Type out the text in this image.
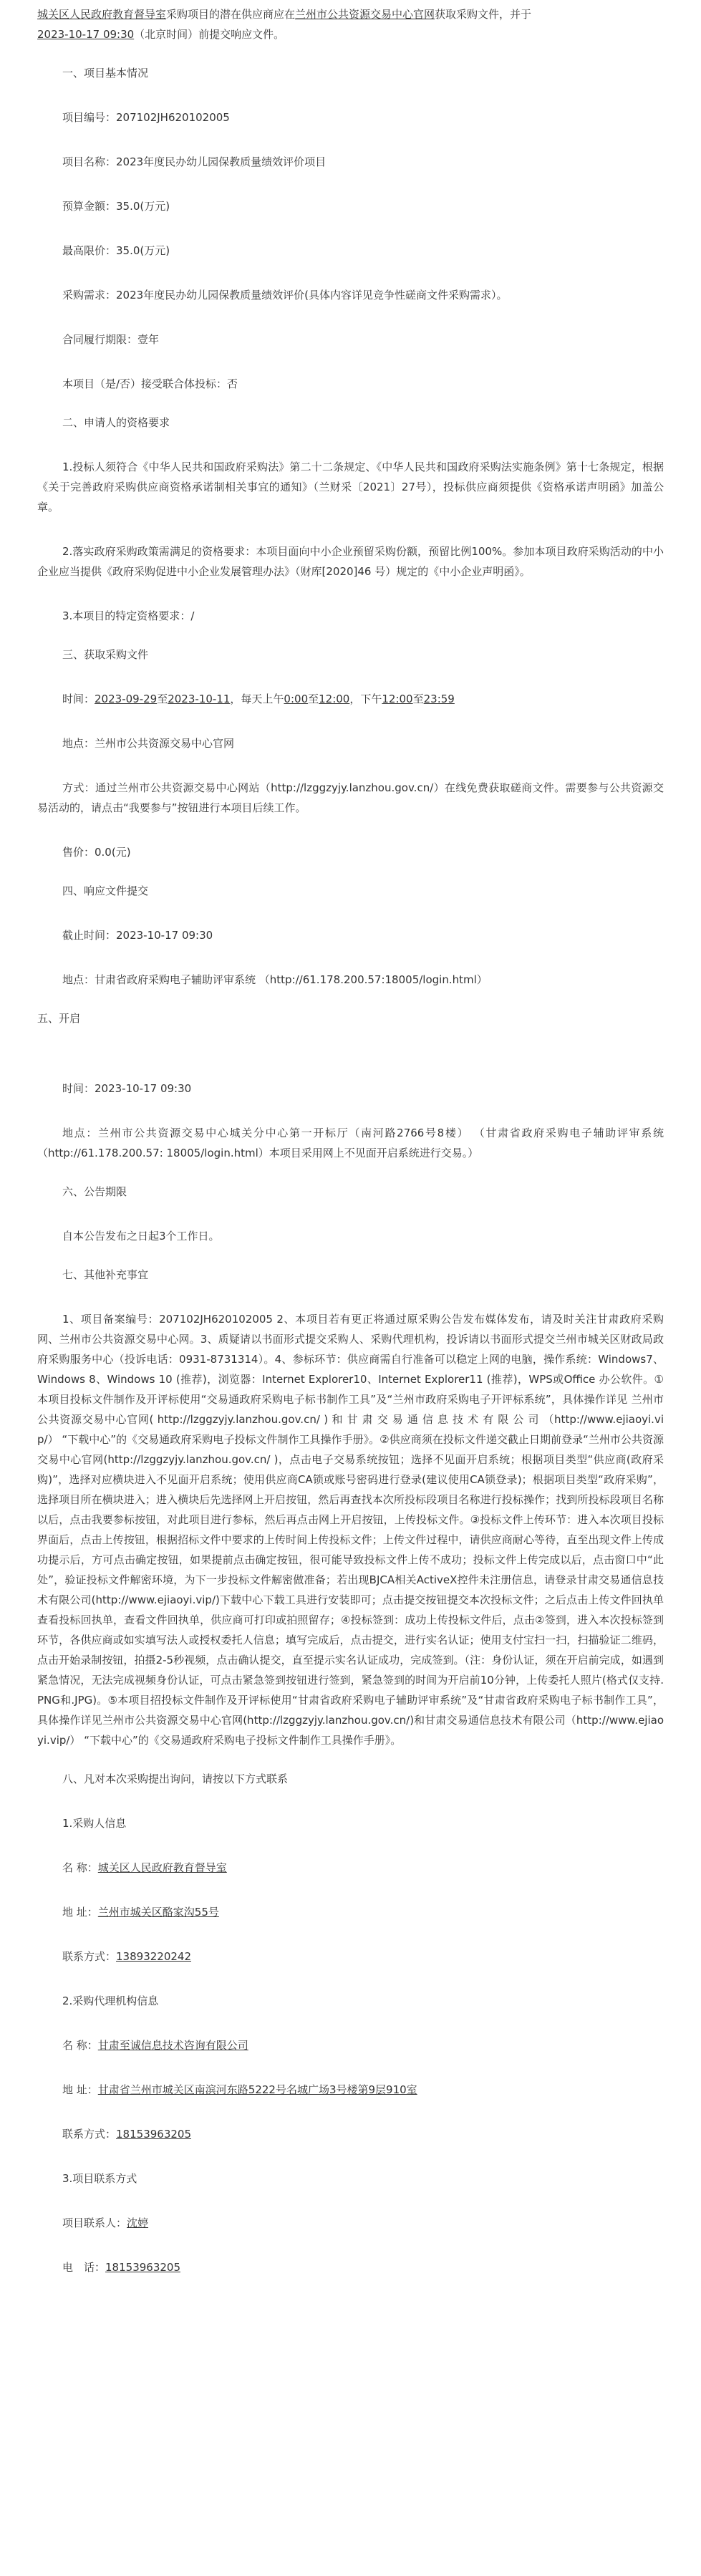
城关区人民政府教育督导室采购项目的潜在供应商应在兰州市公共资源交易中心官网获取采购文件，并于
2023-10-17 09:30（北京时间）前提交响应文件。

一、项目基本情况

项目编号：207102JH620102005

项目名称：2023年度民办幼儿园保教质量绩效评价项目

预算金额：35.0(万元)

最高限价：35.0(万元)

采购需求：2023年度民办幼儿园保教质量绩效评价(具体内容详见竞争性磋商文件采购需求）。

合同履行期限：壹年

本项目（是/否）接受联合体投标：否

二、申请人的资格要求

1.投标人须符合《中华人民共和国政府采购法》第二十二条规定、《中华人民共和国政府采购法实施条例》第十七条规定，根据《关于完善政府采购供应商资格承诺制相关事宜的通知》（兰财采〔2021〕27号），投标供应商须提供《资格承诺声明函》加盖公章。

2.落实政府采购政策需满足的资格要求：本项目面向中小企业预留采购份额，预留比例100%。参加本项目政府采购活动的中小企业应当提供《政府采购促进中小企业发展管理办法》（财库[2020]46 号）规定的《中小企业声明函》。

3.本项目的特定资格要求：/

三、获取采购文件

时间：2023-09-29至2023-10-11，每天上午0:00至12:00，下午12:00至23:59

地点：兰州市公共资源交易中心官网

方式：通过兰州市公共资源交易中心网站（http://lzggzyjy.lanzhou.gov.cn/）在线免费获取磋商文件。需要参与公共资源交易活动的，请点击“我要参与”按钮进行本项目后续工作。

售价：0.0(元)

四、响应文件提交

截止时间：2023-10-17 09:30

地点：甘肃省政府采购电子辅助评审系统 （http://61.178.200.57:18005/login.html）

五、开启

时间：2023-10-17 09:30

地点：兰州市公共资源交易中心城关分中心第一开标厅（南河路2766号8楼） （甘肃省政府采购电子辅助评审系统（http://61.178.200.57: 18005/login.html）本项目采用网上不见面开启系统进行交易。）

六、公告期限

自本公告发布之日起3个工作日。

七、其他补充事宜

1、项目备案编号：207102JH620102005 2、本项目若有更正将通过原采购公告发布媒体发布，请及时关注甘肃政府采购网、兰州市公共资源交易中心网。3、质疑请以书面形式提交采购人、采购代理机构，投诉请以书面形式提交兰州市城关区财政局政府采购服务中心（投诉电话：0931-8731314）。4、参标环节：供应商需自行准备可以稳定上网的电脑，操作系统：Windows7、Windows 8、Windows 10 (推荐)，浏览器：Internet Explorer10、Internet Explorer11 (推荐)，WPS或Office 办公软件。①本项目投标文件制作及开评标使用“交易通政府采购电子标书制作工具”及“兰州市政府采购电子开评标系统”，具体操作详见 兰州市公共资源交易中心官网( http://lzggzyjy.lanzhou.gov.cn/ ) 和 甘 肃 交 易 通 信 息 技 术 有 限 公 司 （http://www.ejiaoyi.vip/） “下载中心”的《交易通政府采购电子投标文件制作工具操作手册》。②供应商须在投标文件递交截止日期前登录“兰州市公共资源交易中心官网(http://lzggzyjy.lanzhou.gov.cn/ )，点击电子交易系统按钮；选择不见面开启系统；根据项目类型“供应商(政府采购)”，选择对应横块进入不见面开启系统；使用供应商CA锁或账号密码进行登录(建议使用CA锁登录)；根据项目类型“政府采购”，选择项目所在横块进入；进入横块后先选择网上开启按钮，然后再查找本次所投标段项目名称进行投标操作；找到所投标段项目名称以后，点击我要参标按钮，对此项目进行参标，然后再点击网上开启按钮，上传投标文件。③投标文件上传环节：进入本次项目投标界面后，点击上传按钮，根据招标文件中要求的上传时间上传投标文件；上传文件过程中，请供应商耐心等待，直至出现文件上传成功提示后，方可点击确定按钮，如果提前点击确定按钮，很可能导致投标文件上传不成功；投标文件上传完成以后，点击窗口中“此处”，验证投标文件解密环境，为下一步投标文件解密做准备；若出现BJCA相关ActiveX控件未注册信息，请登录甘肃交易通信息技术有限公司(http://www.ejiaoyi.vip/)下载中心下载工具进行安装即可；点击提交按钮提交本次投标文件；之后点击上传文件回执单查看投标回执单，查看文件回执单，供应商可打印或拍照留存；④投标签到：成功上传投标文件后，点击②签到，进入本次投标签到环节，各供应商或如实填写法人或授权委托人信息；填写完成后，点击提交，进行实名认证；使用支付宝扫一扫，扫描验证二维码，点击开始录制按钮，拍摄2-5秒视频，点击确认提交，直至提示实名认证成功，完成签到。（注：身份认证，须在开启前完成，如遇到紧急情况，无法完成视频身份认证，可点击紧急签到按钮进行签到，紧急签到的时间为开启前10分钟，上传委托人照片(格式仅支持.PNG和.JPG)。⑤本项目招投标文件制作及开评标使用“甘肃省政府采购电子辅助评审系统”及“甘肃省政府采购电子标书制作工具”，具体操作详见兰州市公共资源交易中心官网(http://lzggzyjy.lanzhou.gov.cn/)和甘肃交易通信息技术有限公司（http://www.ejiaoyi.vip/） “下载中心”的《交易通政府采购电子投标文件制作工具操作手册》。

八、凡对本次采购提出询问，请按以下方式联系

1.采购人信息

名 称：城关区人民政府教育督导室

地 址：兰州市城关区酪家沟55号

联系方式：13893220242

2.采购代理机构信息

名 称：甘肃至诚信息技术咨询有限公司

地 址：甘肃省兰州市城关区南滨河东路5222号名城广场3号楼第9层910室

联系方式：18153963205

3.项目联系方式

项目联系人：沈婷

电　话：18153963205
